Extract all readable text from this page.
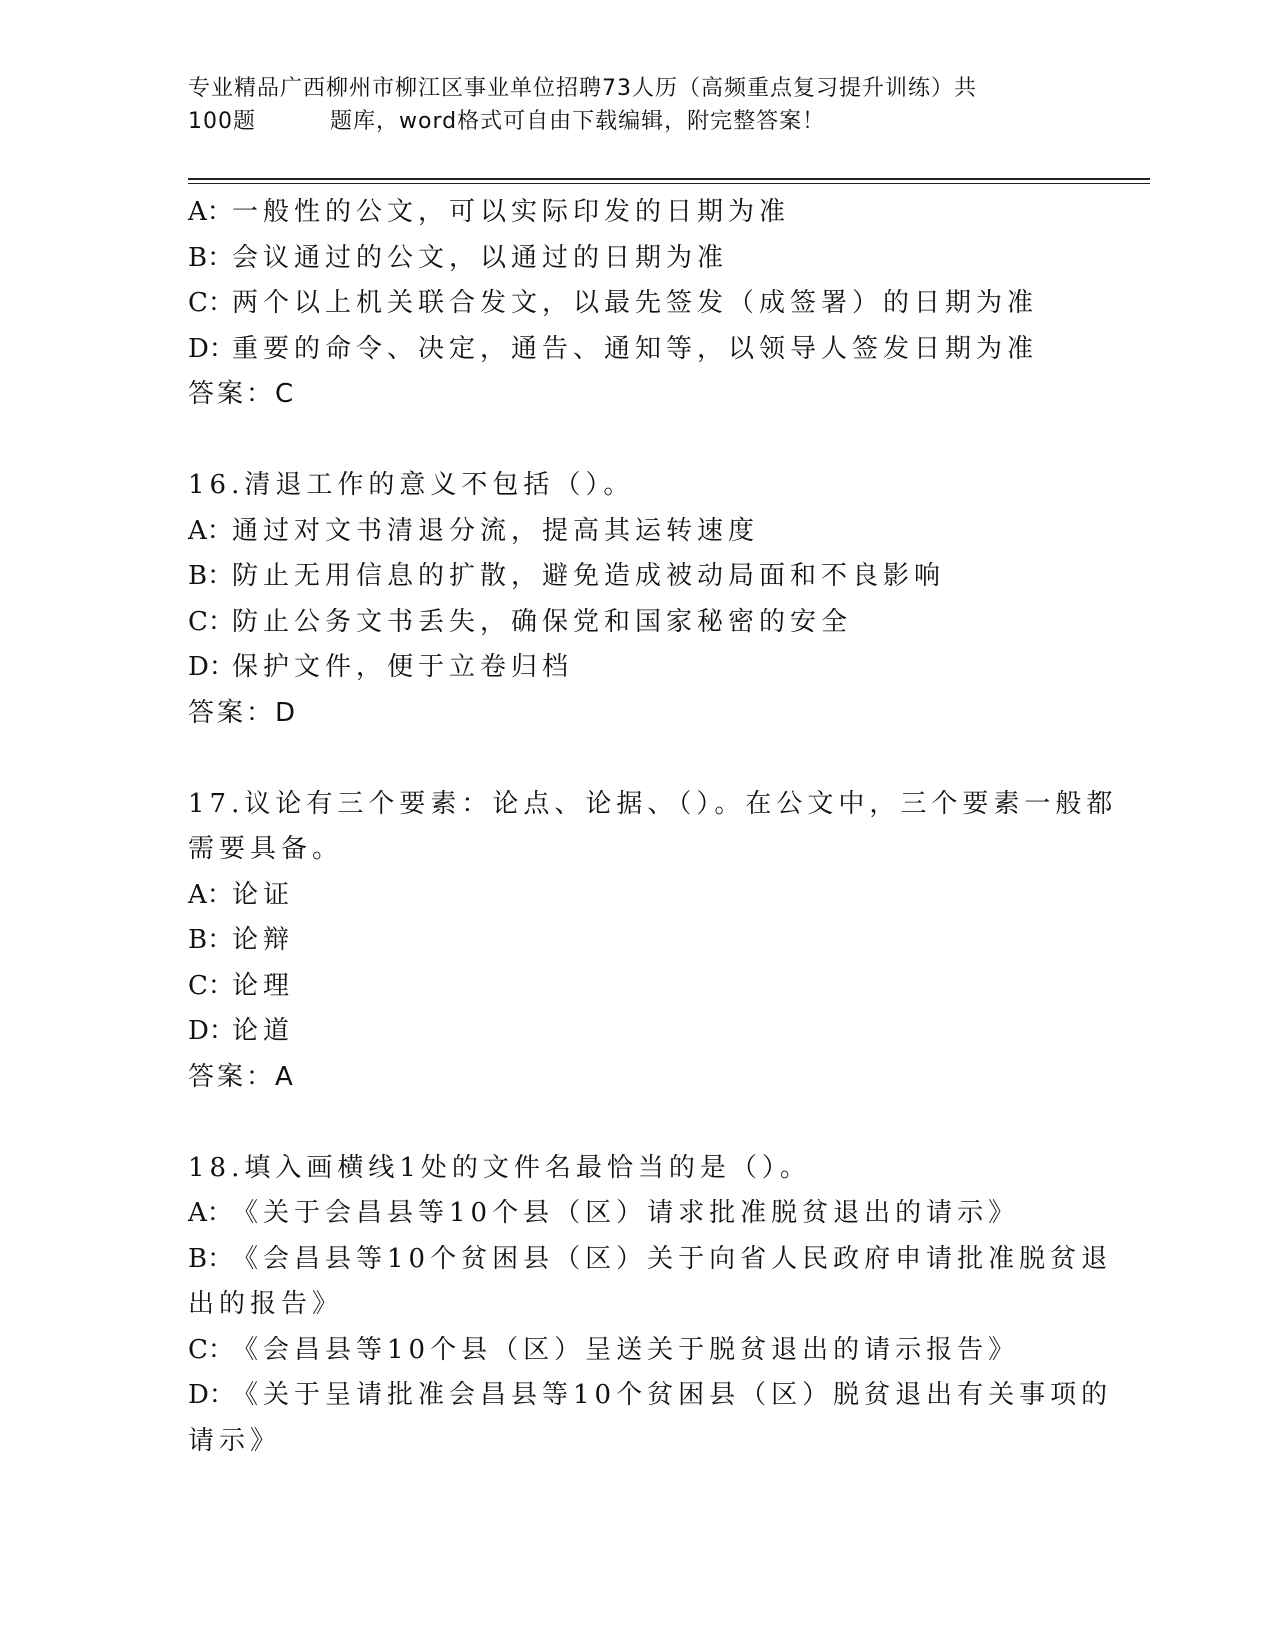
专业精品广西柳州市柳江区事业单位招聘73人历（高频重点复习提升训练）共
100题	题库，word格式可自由下载编辑，附完整答案！
A：一般性的公文，可以实际印发的日期为准
B：会议通过的公文，以通过的日期为准
C：两个以上机关联合发文，以最先签发（成签署）的日期为准
D：重要的命令、决定，通告、通知等，以领导人签发日期为准
答案：C
16.清退工作的意义不包括（）。
A：通过对文书清退分流，提高其运转速度
B：防止无用信息的扩散，避免造成被动局面和不良影响
C：防止公务文书丢失，确保党和国家秘密的安全
D：保护文件，便于立卷归档
答案：D
17.议论有三个要素：论点、论据、（）。在公文中，三个要素一般都
需要具备。
A：论证
B：论辩
C：论理
D：论道
答案：A
18.填入画横线1处的文件名最恰当的是（）。
A：《关于会昌县等10个县（区）请求批准脱贫退出的请示》
B：《会昌县等10个贫困县（区）关于向省人民政府申请批准脱贫退
出的报告》
C：《会昌县等10个县（区）呈送关于脱贫退出的请示报告》
D：《关于呈请批准会昌县等10个贫困县（区）脱贫退出有关事项的
请示》
